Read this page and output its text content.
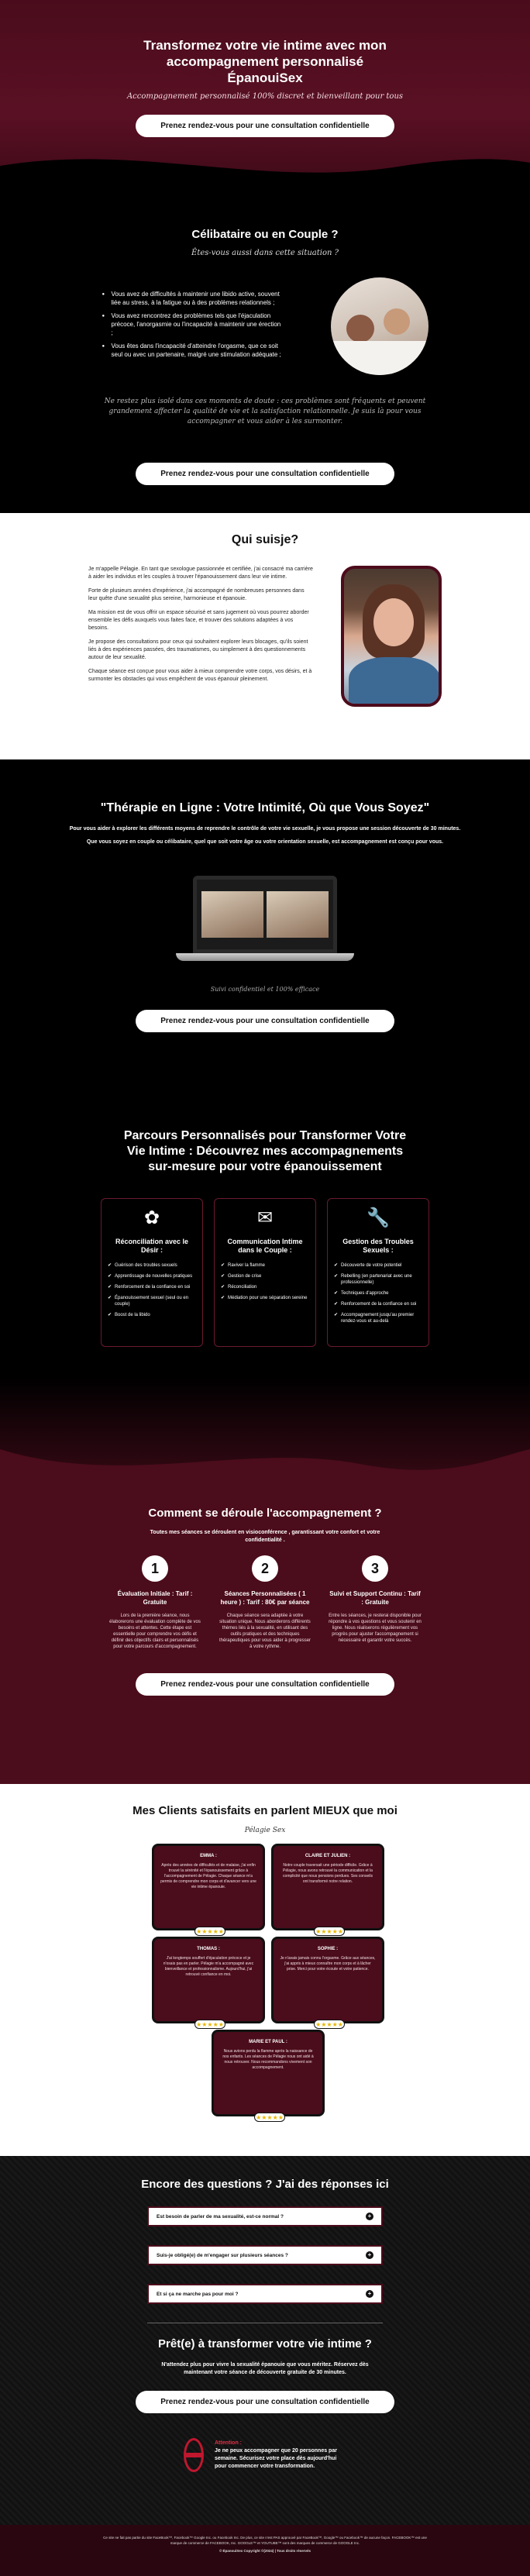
Transformez votre vie intime avec mon accompagnement personnalisé ÉpanouiSex

Accompagnement personnalisé 100% discret et bienveillant pour tous

Prenez rendez-vous pour une consultation confidentielle
Célibataire ou en Couple ?

Êtes-vous aussi dans cette situation ?

● Vous avez de difficultés à maintenir une libido active, souvent liée au stress, à la fatigue ou à des problèmes relationnels ;
● Vous avez rencontrez des problèmes tels que l'éjaculation précoce, l'anorgasmie ou l'incapacité à maintenir une érection ;
● Vous êtes dans l'incapacité d'atteindre l'orgasme, que ce soit seul ou avec un partenaire, malgré une stimulation adéquate ;

Ne restez plus isolé dans ces moments de doute : ces problèmes sont fréquents et peuvent grandement affecter la qualité de vie et la satisfaction relationnelle. Je suis là pour vous accompagner et vous aider à les surmonter.

Prenez rendez-vous pour une consultation confidentielle
Qui suisje?

Je m'appelle Pélagie. En tant que sexologue passionnée et certifiée, j'ai consacré ma carrière à aider les individus et les couples à trouver l'épanouissement dans leur vie intime.

Forte de plusieurs années d'expérience, j'ai accompagné de nombreuses personnes dans leur quête d'une sexualité plus sereine, harmonieuse et épanouie.

Ma mission est de vous offrir un espace sécurisé et sans jugement où vous pourrez aborder ensemble les défis auxquels vous faites face, et trouver des solutions adaptées à vos besoins.

Je propose des consultations pour ceux qui souhaitent explorer leurs blocages, qu'ils soient liés à des expériences passées, des traumatismes, ou simplement à des questionnements autour de leur sexualité.

Chaque séance est conçue pour vous aider à mieux comprendre votre corps, vos désirs, et à surmonter les obstacles qui vous empêchent de vous épanouir pleinement.

"Thérapie en Ligne : Votre Intimité, Où que Vous Soyez"

Pour vous aider à explorer les différents moyens de reprendre le contrôle de votre vie sexuelle, je vous propose une session découverte de 30 minutes.

Que vous soyez en couple ou célibataire, quel que soit votre âge ou votre orientation sexuelle, est accompagnement est conçu pour vous.

Suivi confidentiel et 100% efficace

Prenez rendez-vous pour une consultation confidentielle
Parcours Personnalisés pour Transformer Votre Vie Intime : Découvrez mes accompagnements sur-mesure pour votre épanouissement
✿
Réconciliation avec le Désir :
✔ Guérison des troubles sexuels
✔ Apprentissage de nouvelles pratiques
✔ Renforcement de la confiance en soi
✔ Épanouissement sexuel (seul ou en couple)
✔ Boost de la libido
✉
Communication Intime dans le Couple :
✔ Raviver la flamme
✔ Gestion de crise
✔ Réconciliation
✔ Médiation pour une séparation sereine
🔧
Gestion des Troubles Sexuels :
✔ Découverte de votre potentiel
✔ Rebelling (en partenariat avec une professionnelle)
✔ Techniques d'approche
✔ Renforcement de la confiance en soi
✔ Accompagnement jusqu'au premier rendez-vous et au-delà
Comment se déroule l'accompagnement ?

Toutes mes séances se déroulent en visioconférence , garantissant votre confort et votre confidentialité .

1
Évaluation Initiale : Tarif : Gratuite

Lors de la première séance, nous élaborerons une évaluation complète de vos besoins et attentes. Cette étape est essentielle pour comprendre vos défis et définir des objectifs clairs et personnalisés pour votre parcours d'accompagnement.

2
Séances Personnalisées ( 1 heure ) : Tarif : 80€ par séance

Chaque séance sera adaptée à votre situation unique. Nous aborderons différents thèmes liés à la sexualité, en utilisant des outils pratiques et des techniques thérapeutiques pour vous aider à progresser à votre rythme.

3
Suivi et Support Continu : Tarif : Gratuite

Entre les séances, je resterai disponible pour répondre à vos questions et vous soutenir en ligne. Nous réaliserons régulièrement vos progrès pour ajuster l'accompagnement si nécessaire et garantir votre succès.

Prenez rendez-vous pour une consultation confidentielle
Mes Clients satisfaits en parlent MIEUX que moi

Pélagie Sex

EMMA :
Après des années de difficultés et de malaise, j'ai enfin trouvé la sérénité et l'épanouissement grâce à l'accompagnement de Pélagie. Chaque séance m'a permis de comprendre mon corps et d'avancer vers une vie intime épanouie.
★★★★★
CLAIRE ET JULIEN :
Notre couple traversait une période difficile. Grâce à Pélagie, nous avons retrouvé la communication et la complicité que nous pensions perdues. Ses conseils ont transformé notre relation.
★★★★★
THOMAS :
J'ai longtemps souffert d'éjaculation précoce et je n'osais pas en parler. Pélagie m'a accompagné avec bienveillance et professionnalisme. Aujourd'hui, j'ai retrouvé confiance en moi.
★★★★★
SOPHIE :
Je n'avais jamais connu l'orgasme. Grâce aux séances, j'ai appris à mieux connaître mon corps et à lâcher prise. Merci pour votre écoute et votre patience.
★★★★★
MARIE ET PAUL :
Nous avions perdu la flamme après la naissance de nos enfants. Les séances de Pélagie nous ont aidé à nous retrouver. Nous recommandons vivement son accompagnement.
★★★★★
Encore des questions ? J'ai des réponses ici
Est besoin de parler de ma sexualité, est-ce normal ?	+
Suis-je obligé(e) de m'engager sur plusieurs séances ?	+
Et si ça ne marche pas pour moi ?	+
Prêt(e) à transformer votre vie intime ?

N'attendez plus pour vivre la sexualité épanouie que vous méritez. Réservez dès maintenant votre séance de découverte gratuite de 30 minutes.

Prenez rendez-vous pour une consultation confidentielle
Attention :
Je ne peux accompagner que 20 personnes par semaine. Sécurisez votre place dès aujourd'hui pour commencer votre transformation.

Ce site ne fait pas partie du site FaceBook™, Facebook™ Google Inc. ou Facebook Inc. De plus, ce site n'est PAS approuvé par FaceBook™, Google™ ou Facebook™ de aucune façon. FACEBOOK™ est une marque de commerce de FACEBOOK, Inc. GOOGLE™ et YOUTUBE™ sont des marques de commerce de GOOGLE Inc.

© ÉpanouiSex Copyright ©(2024) | Tous droits réservés
